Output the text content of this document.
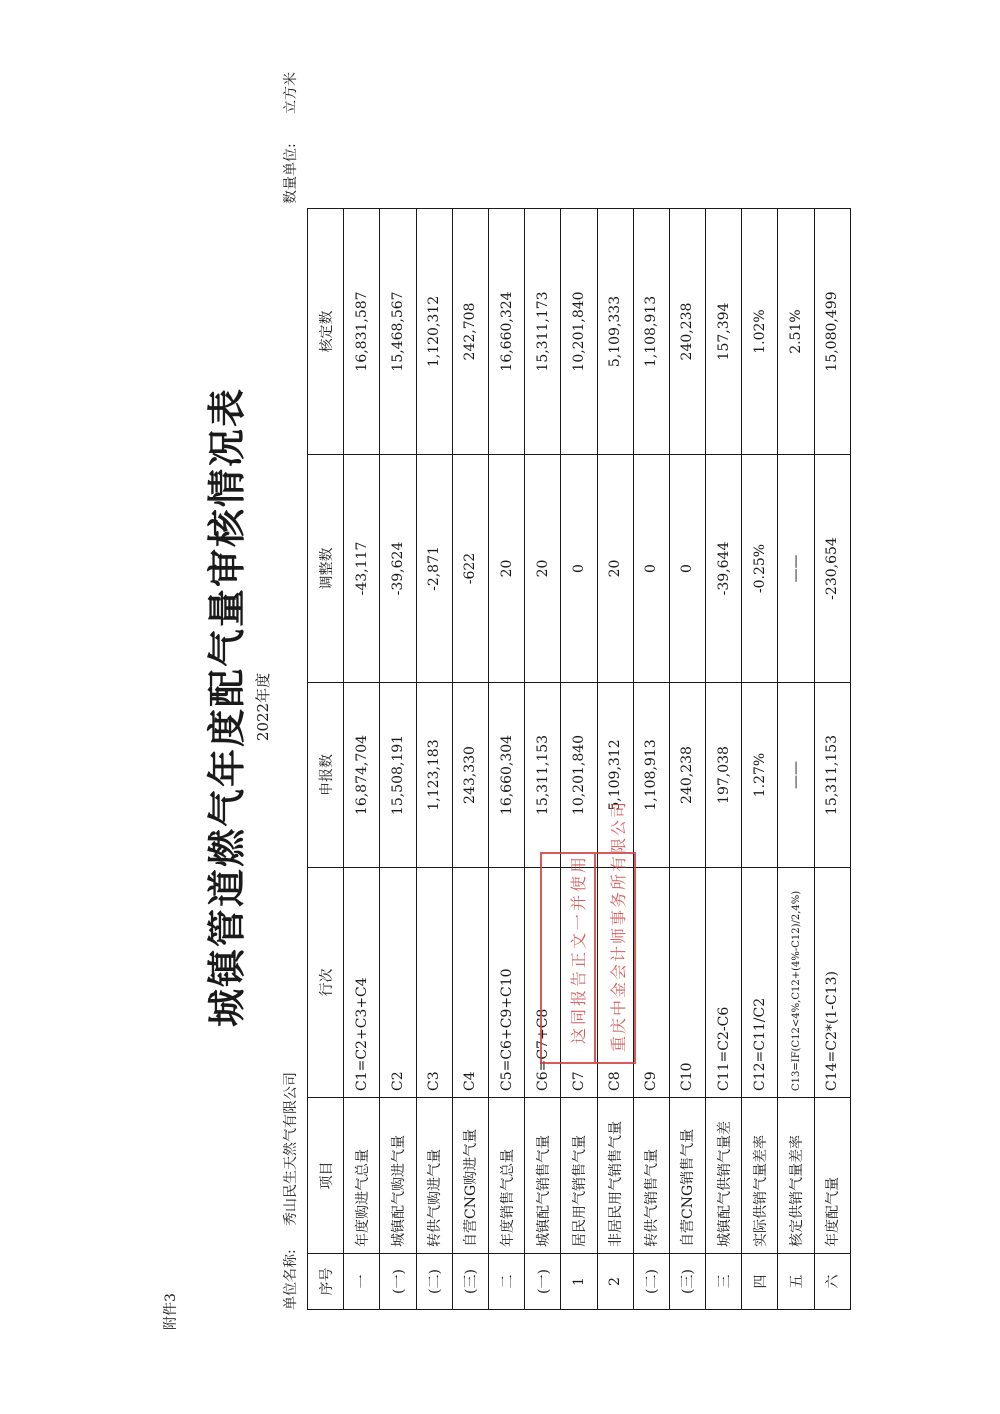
附件3
城镇管道燃气年度配气量审核情况表 2022年度
单位名称:
秀山民生天然气有限公司
数量单位:
立方米
序号	项目	行次	申报数	调整数	核定数
一	年度购进气总量	C1=C2+C3+C4	16,874,704	-43,117	16,831,587
(一)	城镇配气购进气量	C2	15,508,191	-39,624	15,468,567
(二)	转供气购进气量	C3	1,123,183	-2,871	1,120,312
(三)	自营CNG购进气量	C4	243,330	-622	242,708
二	年度销售气总量	C5=C6+C9+C10	16,660,304	20	16,660,324
(一)	城镇配气销售气量	C6=C7+C8	15,311,153	20	15,311,173
1	居民用气销售气量	C7	10,201,840	0	10,201,840
2	非居民用气销售气量	C8	5,109,312	20	5,109,333
(二)	转供气销售气量	C9	1,108,913	0	1,108,913
(三)	自营CNG销售气量	C10	240,238	0	240,238
三	城镇配气供销气量差	C11=C2-C6	197,038	-39,644	157,394
四	实际供销气量差率	C12=C11/C2	1.27%	-0.25%	1.02%
五	核定供销气量差率	C13=IF(C12<4%,C12+(4%-C12)/2,4%)	——	——	2.51%
六	年度配气量	C14=C2*(1-C13)	15,311,153	-230,654	15,080,499
这同报告正文一并使用 重庆中金会计师事务所有限公司
